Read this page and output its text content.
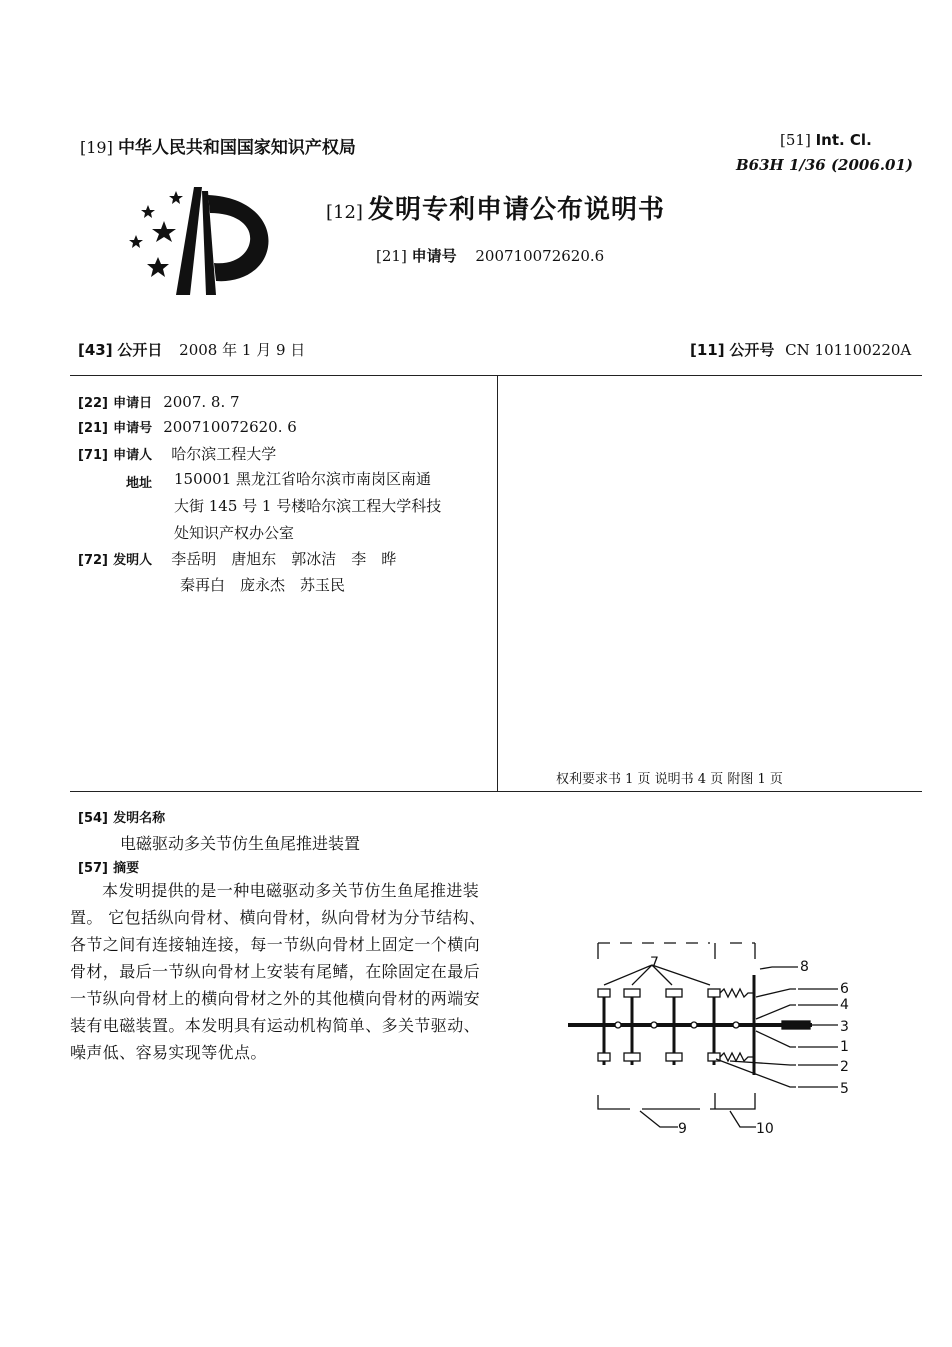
[19] 中华人民共和国国家知识产权局	[51] Int. Cl.
B63H 1/36 (2006.01)
[12] 发明专利申请公布说明书
[21] 申请号 200710072620.6
[43] 公开日 2008 年 1 月 9 日	[11] 公开号 CN 101100220A
[22] 申请日 2007. 8. 7
[21] 申请号 200710072620. 6
[71] 申请人 哈尔滨工程大学
地址 150001 黑龙江省哈尔滨市南岗区南通
大街 145 号 1 号楼哈尔滨工程大学科技
处知识产权办公室
[72] 发明人 李岳明　唐旭东　郭冰洁　李　晔
秦再白　庞永杰　苏玉民
权利要求书 1 页 说明书 4 页 附图 1 页
[54] 发明名称
电磁驱动多关节仿生鱼尾推进装置
[57] 摘要

本发明提供的是一种电磁驱动多关节仿生鱼尾推进装置。 它包括纵向骨材、横向骨材，纵向骨材为分节结构、各节之间有连接轴连接，每一节纵向骨材上固定一个横向骨材，最后一节纵向骨材上安装有尾鳍，在除固定在最后一节纵向骨材上的横向骨材之外的其他横向骨材的两端安装有电磁装置。本发明具有运动机构简单、多关节驱动、噪声低、容易实现等优点。

7	8
6
4
3
1
2
5
9	10
